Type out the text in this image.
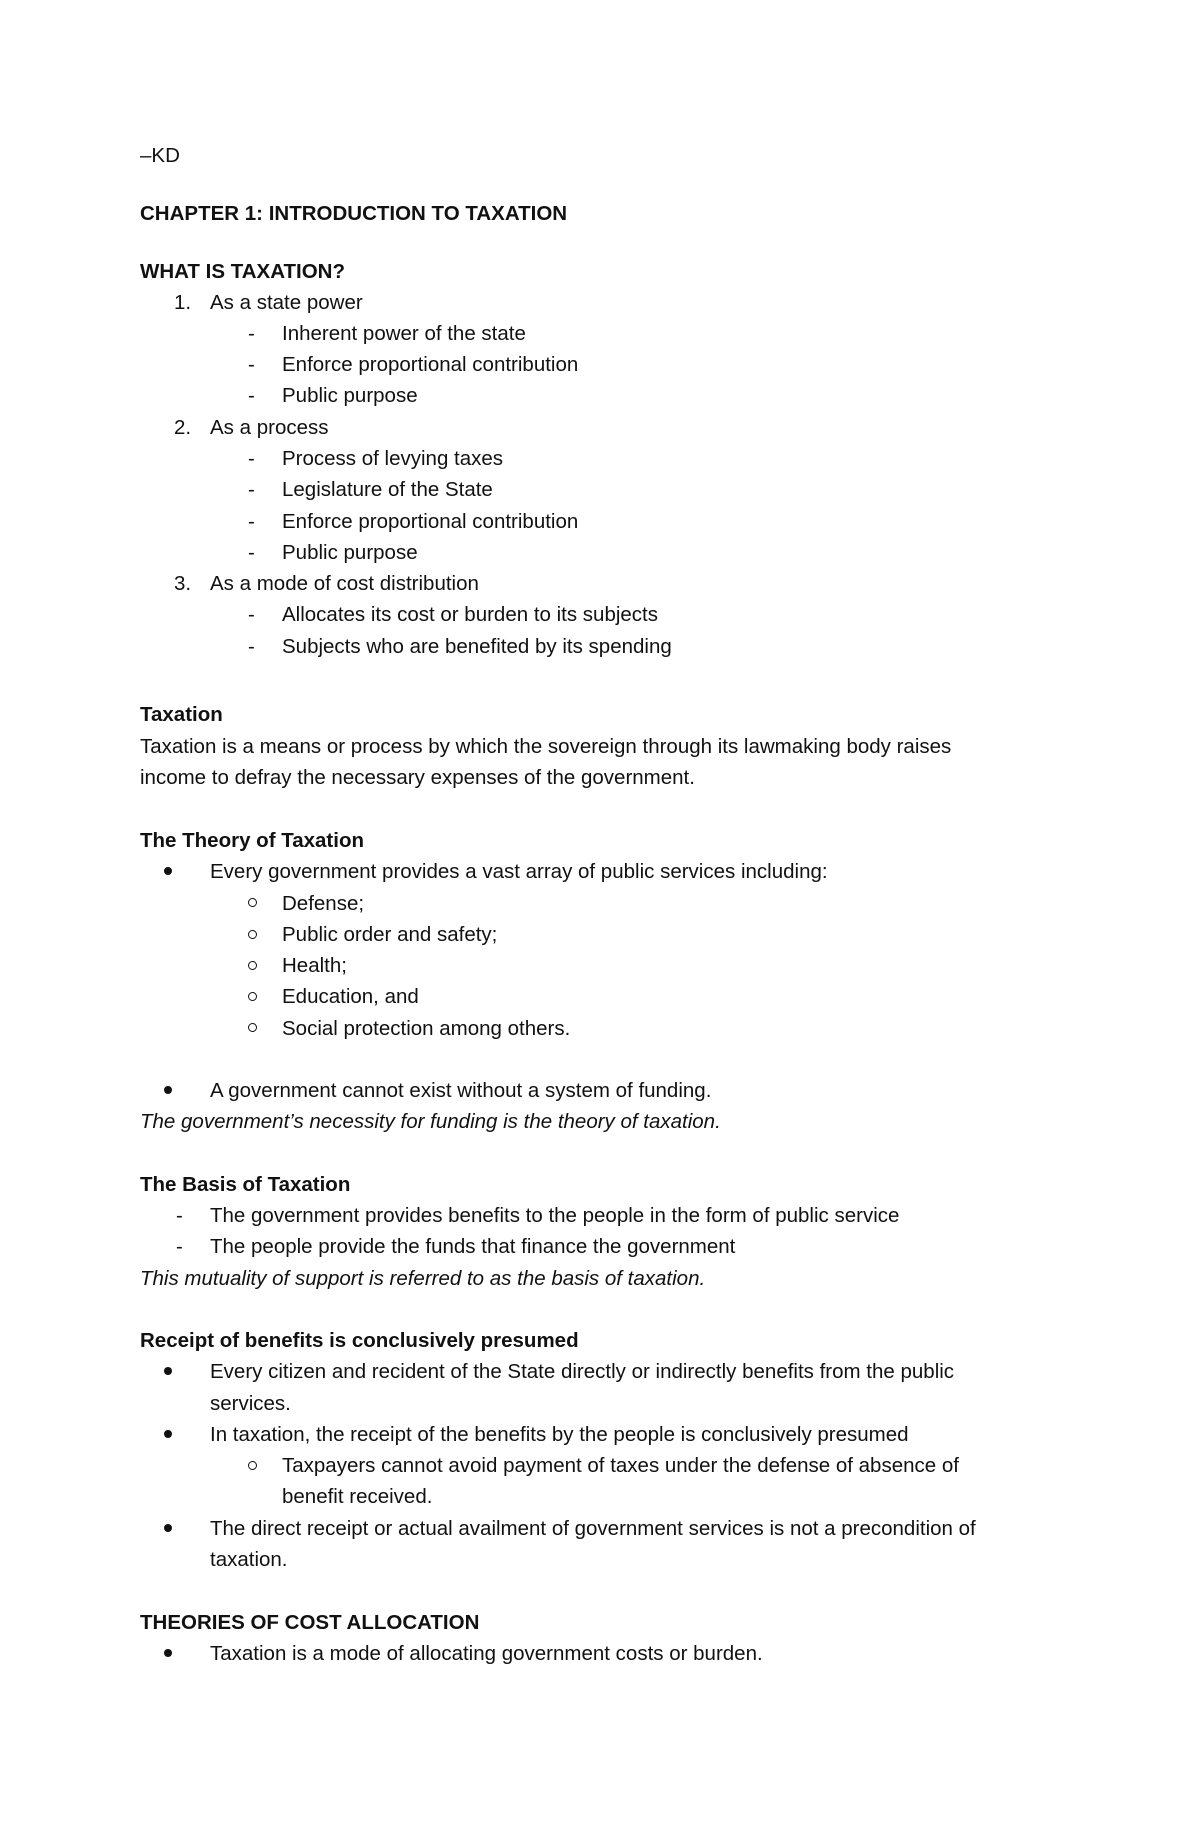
–KD
CHAPTER 1: INTRODUCTION TO TAXATION
WHAT IS TAXATION?
1. As a state power
- Inherent power of the state
- Enforce proportional contribution
- Public purpose
2. As a process
- Process of levying taxes
- Legislature of the State
- Enforce proportional contribution
- Public purpose
3. As a mode of cost distribution
- Allocates its cost or burden to its subjects
- Subjects who are benefited by its spending
Taxation
Taxation is a means or process by which the sovereign through its lawmaking body raises
income to defray the necessary expenses of the government.
The Theory of Taxation
Every government provides a vast array of public services including:
Defense;
Public order and safety;
Health;
Education, and
Social protection among others.
A government cannot exist without a system of funding.
The government’s necessity for funding is the theory of taxation.
The Basis of Taxation
- The government provides benefits to the people in the form of public service
- The people provide the funds that finance the government
This mutuality of support is referred to as the basis of taxation.
Receipt of benefits is conclusively presumed
Every citizen and recident of the State directly or indirectly benefits from the public
services.
In taxation, the receipt of the benefits by the people is conclusively presumed
Taxpayers cannot avoid payment of taxes under the defense of absence of
benefit received.
The direct receipt or actual availment of government services is not a precondition of
taxation.
THEORIES OF COST ALLOCATION
Taxation is a mode of allocating government costs or burden.
